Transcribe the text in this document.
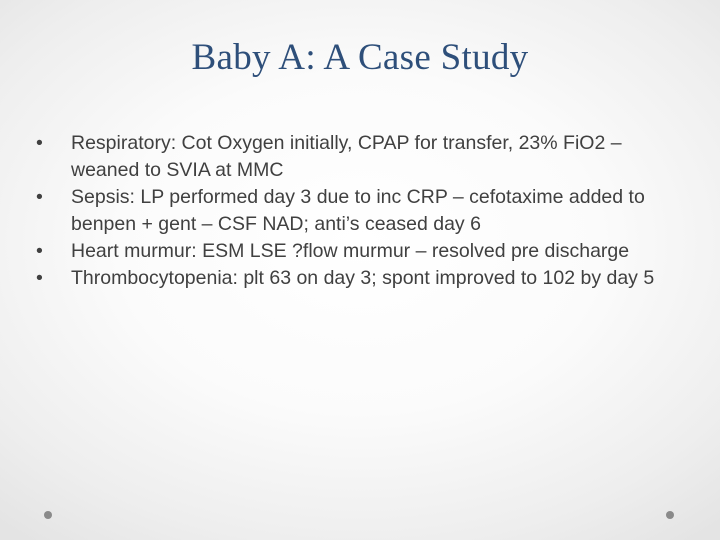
Baby A: A Case Study
•	Respiratory: Cot Oxygen initially, CPAP for transfer, 23% FiO2 – weaned to SVIA at MMC
•	Sepsis: LP performed day 3 due to inc CRP – cefotaxime added to benpen + gent – CSF NAD; anti’s ceased day 6
•	Heart murmur: ESM LSE ?flow murmur – resolved pre discharge
•	Thrombocytopenia: plt 63 on day 3; spont improved to 102 by day 5
